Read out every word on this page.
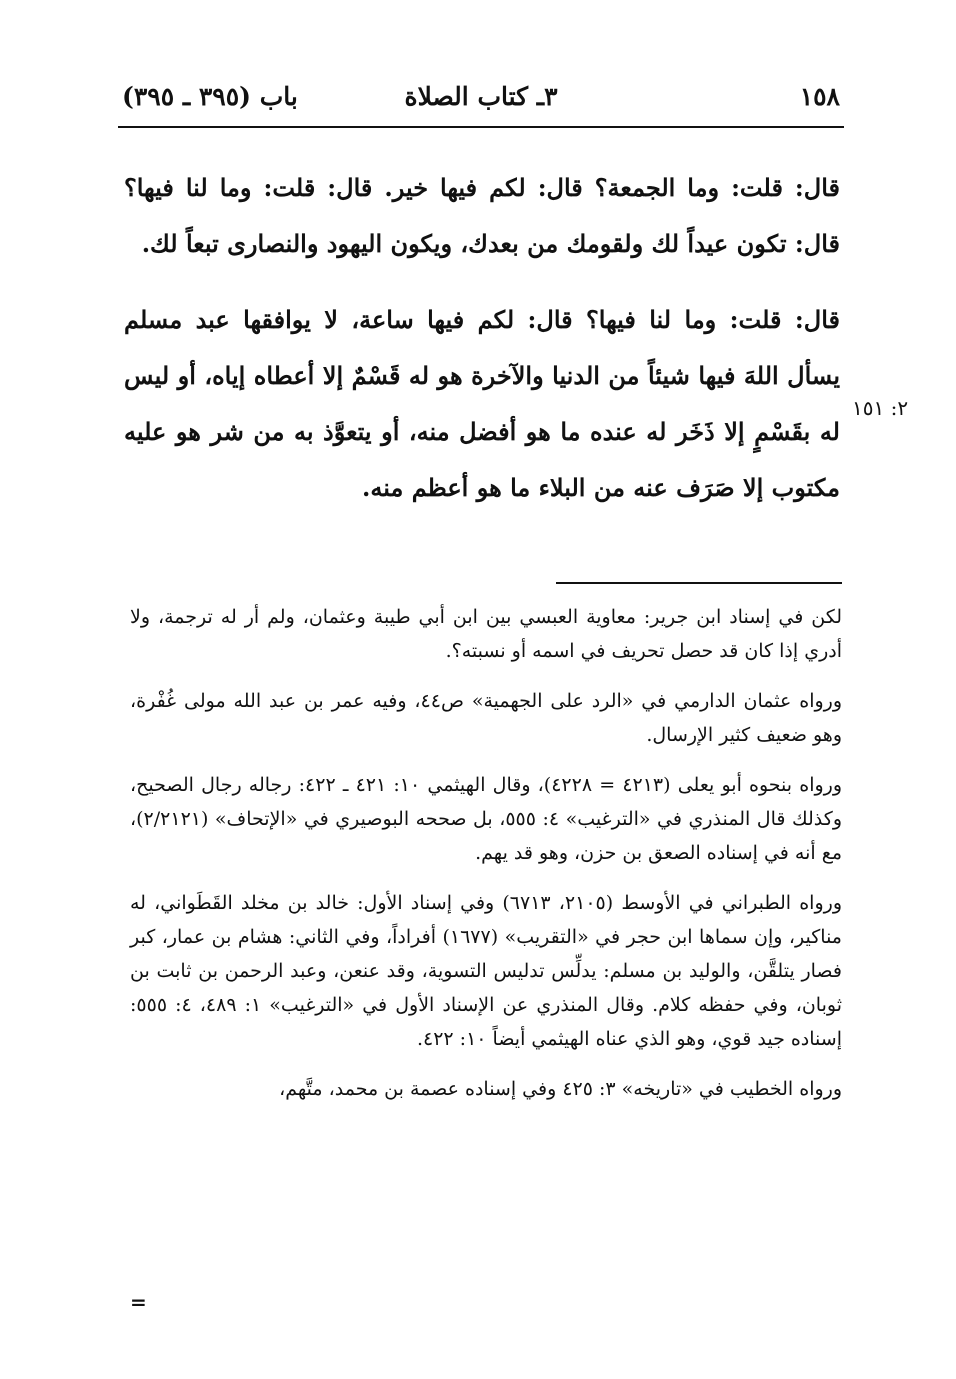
١٥٨
٣ـ كتاب الصلاة
باب (٣٩٥ ـ ٣٩٥)

قال: قلت: وما الجمعة؟ قال: لكم فيها خير. قال: قلت: وما لنا فيها؟ قال: تكون عيداً لك ولقومك من بعدك، ويكون اليهود والنصارى تبعاً لك.

قال: قلت: وما لنا فيها؟ قال: لكم فيها ساعة، لا يوافقها عبد مسلم يسأل اللهَ فيها شيئاً من الدنيا والآخرة هو له قَسْمٌ إلا أعطاه إياه، أو ليس له بقَسْمٍ إلا ذَخَر له عنده ما هو أفضل منه، أو يتعوَّذ به من شر هو عليه مكتوب إلا صَرَف عنه من البلاء ما هو أعظم منه.

٢: ١٥١

لكن في إسناد ابن جرير: معاوية العبسي بين ابن أبي طيبة وعثمان، ولم أر له ترجمة، ولا أدري إذا كان قد حصل تحريف في اسمه أو نسبته؟.

ورواه عثمان الدارمي في «الرد على الجهمية» ص٤٤، وفيه عمر بن عبد الله مولى غُفْرة، وهو ضعيف كثير الإرسال.

ورواه بنحوه أبو يعلى (٤٢١٣ = ٤٢٢٨)، وقال الهيثمي ١٠: ٤٢١ ـ ٤٢٢: رجاله رجال الصحيح، وكذلك قال المنذري في «الترغيب» ٤: ٥٥٥، بل صححه البوصيري في «الإتحاف» (٢/٢١٢١)، مع أنه في إسناده الصعق بن حزن، وهو قد يهم.

ورواه الطبراني في الأوسط (٢١٠٥، ٦٧١٣) وفي إسناد الأول: خالد بن مخلد القَطَواني، له مناكير، وإن سماها ابن حجر في «التقريب» (١٦٧٧) أفراداً، وفي الثاني: هشام بن عمار، كبر فصار يتلقَّن، والوليد بن مسلم: يدلِّس تدليس التسوية، وقد عنعن، وعبد الرحمن بن ثابت بن ثوبان، وفي حفظه كلام. وقال المنذري عن الإسناد الأول في «الترغيب» ١: ٤٨٩، ٤: ٥٥٥: إسناده جيد قوي، وهو الذي عناه الهيثمي أيضاً ١٠: ٤٢٢.

ورواه الخطيب في «تاريخه» ٣: ٤٢٥ وفي إسناده عصمة بن محمد، متَّهم،

=
